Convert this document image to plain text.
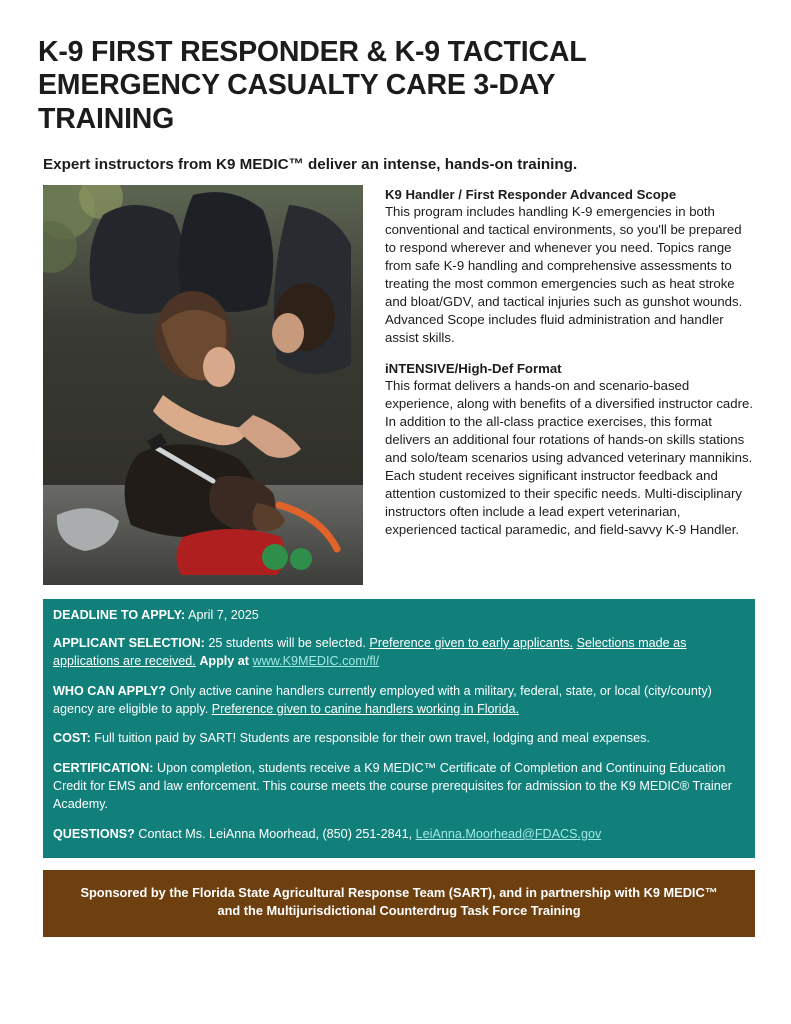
K-9 FIRST RESPONDER & K-9 TACTICAL EMERGENCY CASUALTY CARE 3-DAY TRAINING
Expert instructors from K9 MEDIC™ deliver an intense, hands-on training.
K9 Handler / First Responder Advanced Scope

This program includes handling K-9 emergencies in both conventional and tactical environments, so you'll be prepared to respond wherever and whenever you need. Topics range from safe K-9 handling and comprehensive assessments to treating the most common emergencies such as heat stroke and bloat/GDV, and tactical injuries such as gunshot wounds. Advanced Scope includes fluid administration and handler assist skills.

iNTENSIVE/High-Def Format

This format delivers a hands-on and scenario-based experience, along with benefits of a diversified instructor cadre. In addition to the all-class practice exercises, this format delivers an additional four rotations of hands-on skills stations and solo/team scenarios using advanced veterinary mannikins. Each student receives significant instructor feedback and attention customized to their specific needs. Multi-disciplinary instructors often include a lead expert veterinarian, experienced tactical paramedic, and field-savvy K-9 Handler.

DEADLINE TO APPLY: April 7, 2025
APPLICANT SELECTION: 25 students will be selected. Preference given to early applicants. Selections made as applications are received. Apply at www.K9MEDIC.com/fl/
WHO CAN APPLY? Only active canine handlers currently employed with a military, federal, state, or local (city/county) agency are eligible to apply. Preference given to canine handlers working in Florida.
COST: Full tuition paid by SART! Students are responsible for their own travel, lodging and meal expenses.
CERTIFICATION: Upon completion, students receive a K9 MEDIC™ Certificate of Completion and Continuing Education Credit for EMS and law enforcement. This course meets the course prerequisites for admission to the K9 MEDIC® Trainer Academy.
QUESTIONS? Contact Ms. LeiAnna Moorhead, (850) 251-2841, LeiAnna.Moorhead@FDACS.gov
Sponsored by the Florida State Agricultural Response Team (SART), and in partnership with K9 MEDIC™
and the Multijurisdictional Counterdrug Task Force Training
